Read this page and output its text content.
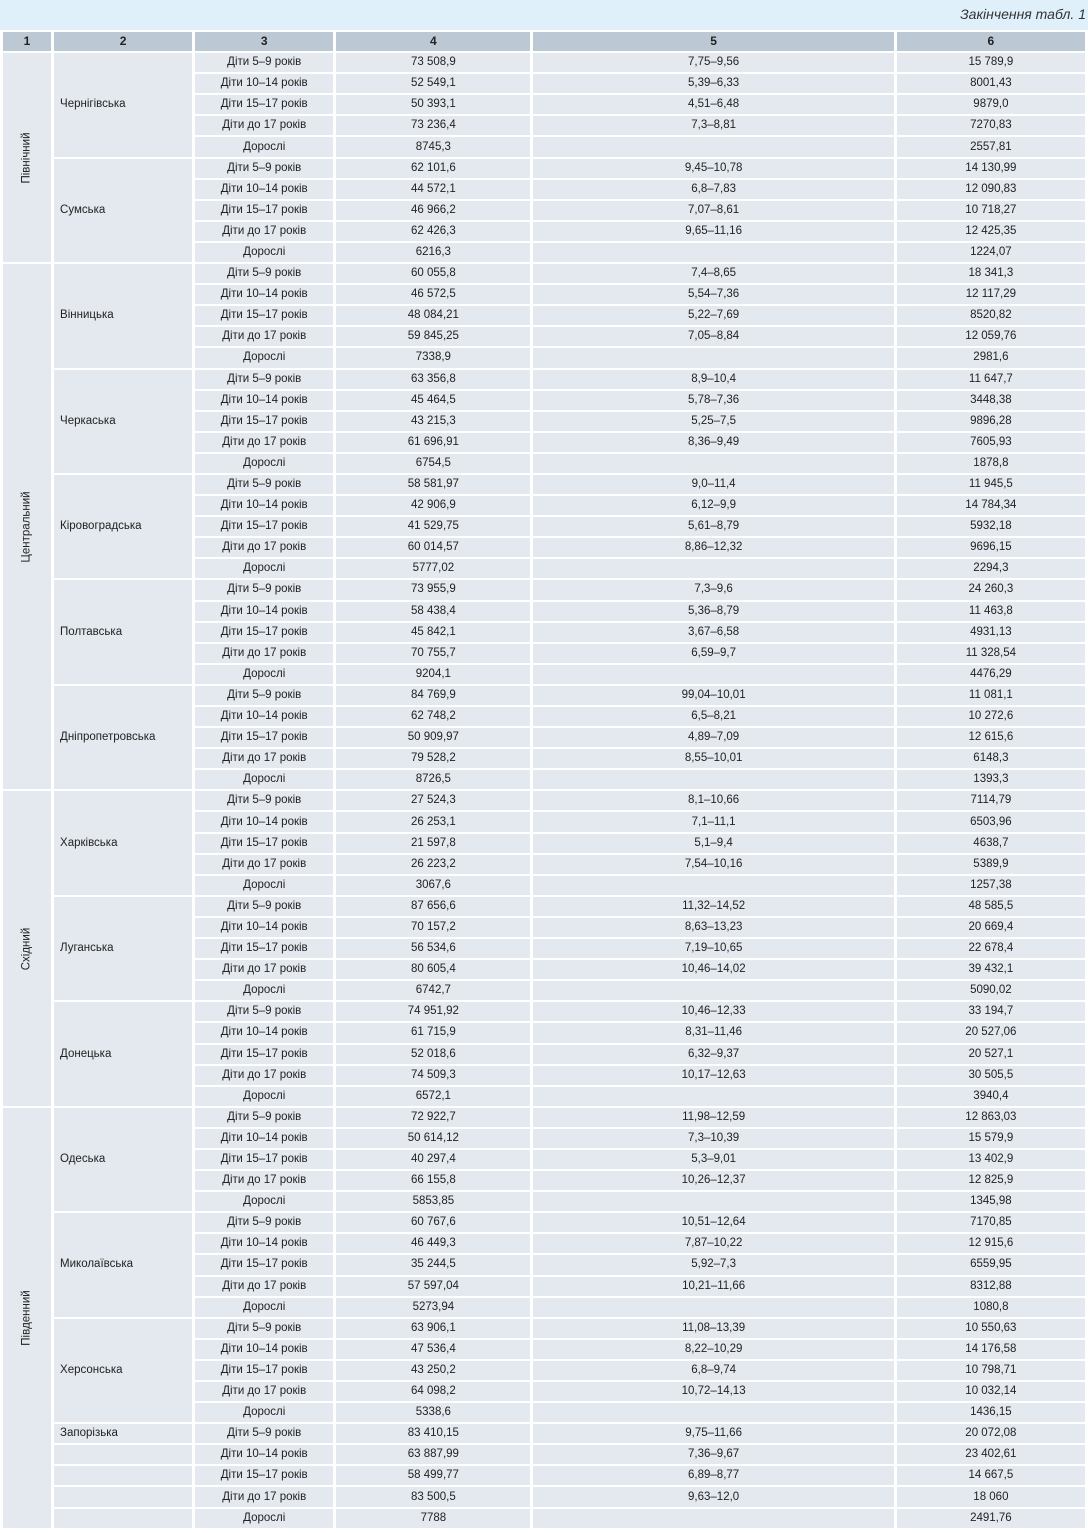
Закінчення табл. 1
1	2	3	4	5	6

Північний	Чернігівська	Діти 5–9 років	73 508,9	7,75–9,56	15 789,9
		Діти 10–14 років	52 549,1	5,39–6,33	8001,43
		Діти 15–17 років	50 393,1	4,51–6,48	9879,0
		Діти до 17 років	73 236,4	7,3–8,81	7270,83
		Дорослі	8745,3		2557,81
	Сумська	Діти 5–9 років	62 101,6	9,45–10,78	14 130,99
		Діти 10–14 років	44 572,1	6,8–7,83	12 090,83
		Діти 15–17 років	46 966,2	7,07–8,61	10 718,27
		Діти до 17 років	62 426,3	9,65–11,16	12 425,35
		Дорослі	6216,3		1224,07

Центральний	Вінницька	Діти 5–9 років	60 055,8	7,4–8,65	18 341,3
		Діти 10–14 років	46 572,5	5,54–7,36	12 117,29
		Діти 15–17 років	48 084,21	5,22–7,69	8520,82
		Діти до 17 років	59 845,25	7,05–8,84	12 059,76
		Дорослі	7338,9		2981,6
	Черкаська	Діти 5–9 років	63 356,8	8,9–10,4	11 647,7
		Діти 10–14 років	45 464,5	5,78–7,36	3448,38
		Діти 15–17 років	43 215,3	5,25–7,5	9896,28
		Діти до 17 років	61 696,91	8,36–9,49	7605,93
		Дорослі	6754,5		1878,8
	Кіровоградська	Діти 5–9 років	58 581,97	9,0–11,4	11 945,5
		Діти 10–14 років	42 906,9	6,12–9,9	14 784,34
		Діти 15–17 років	41 529,75	5,61–8,79	5932,18
		Діти до 17 років	60 014,57	8,86–12,32	9696,15
		Дорослі	5777,02		2294,3
	Полтавська	Діти 5–9 років	73 955,9	7,3–9,6	24 260,3
		Діти 10–14 років	58 438,4	5,36–8,79	11 463,8
		Діти 15–17 років	45 842,1	3,67–6,58	4931,13
		Діти до 17 років	70 755,7	6,59–9,7	11 328,54
		Дорослі	9204,1		4476,29
	Дніпропетровська	Діти 5–9 років	84 769,9	99,04–10,01	11 081,1
		Діти 10–14 років	62 748,2	6,5–8,21	10 272,6
		Діти 15–17 років	50 909,97	4,89–7,09	12 615,6
		Діти до 17 років	79 528,2	8,55–10,01	6148,3
		Дорослі	8726,5		1393,3

Східний	Харківська	Діти 5–9 років	27 524,3	8,1–10,66	7114,79
		Діти 10–14 років	26 253,1	7,1–11,1	6503,96
		Діти 15–17 років	21 597,8	5,1–9,4	4638,7
		Діти до 17 років	26 223,2	7,54–10,16	5389,9
		Дорослі	3067,6		1257,38
	Луганська	Діти 5–9 років	87 656,6	11,32–14,52	48 585,5
		Діти 10–14 років	70 157,2	8,63–13,23	20 669,4
		Діти 15–17 років	56 534,6	7,19–10,65	22 678,4
		Діти до 17 років	80 605,4	10,46–14,02	39 432,1
		Дорослі	6742,7		5090,02
	Донецька	Діти 5–9 років	74 951,92	10,46–12,33	33 194,7
		Діти 10–14 років	61 715,9	8,31–11,46	20 527,06
		Діти 15–17 років	52 018,6	6,32–9,37	20 527,1
		Діти до 17 років	74 509,3	10,17–12,63	30 505,5
		Дорослі	6572,1		3940,4

Південний	Одеська	Діти 5–9 років	72 922,7	11,98–12,59	12 863,03
		Діти 10–14 років	50 614,12	7,3–10,39	15 579,9
		Діти 15–17 років	40 297,4	5,3–9,01	13 402,9
		Діти до 17 років	66 155,8	10,26–12,37	12 825,9
		Дорослі	5853,85		1345,98
	Миколаївська	Діти 5–9 років	60 767,6	10,51–12,64	7170,85
		Діти 10–14 років	46 449,3	7,87–10,22	12 915,6
		Діти 15–17 років	35 244,5	5,92–7,3	6559,95
		Діти до 17 років	57 597,04	10,21–11,66	8312,88
		Дорослі	5273,94		1080,8
	Херсонська	Діти 5–9 років	63 906,1	11,08–13,39	10 550,63
		Діти 10–14 років	47 536,4	8,22–10,29	14 176,58
		Діти 15–17 років	43 250,2	6,8–9,74	10 798,71
		Діти до 17 років	64 098,2	10,72–14,13	10 032,14
		Дорослі	5338,6		1436,15
	Запорізька	Діти 5–9 років	83 410,15	9,75–11,66	20 072,08
		Діти 10–14 років	63 887,99	7,36–9,67	23 402,61
		Діти 15–17 років	58 499,77	6,89–8,77	14 667,5
		Діти до 17 років	83 500,5	9,63–12,0	18 060
		Дорослі	7788		2491,76
